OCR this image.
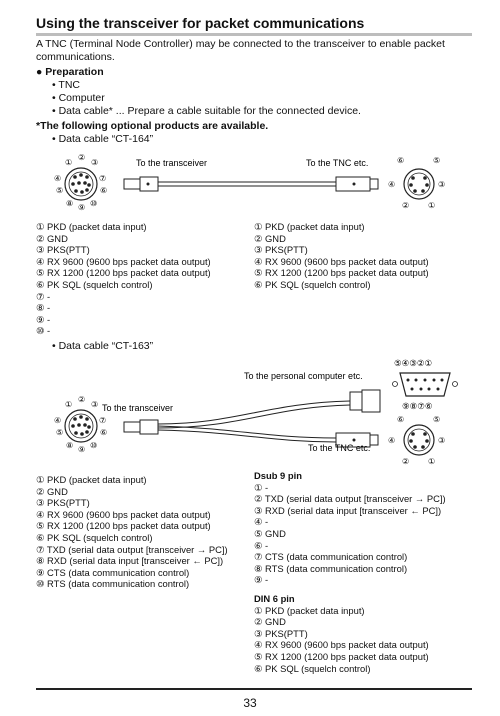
Using the transceiver for packet communications
A TNC (Terminal Node Controller) may be connected to the transceiver to enable packet communications.
● Preparation
• TNC
• Computer
• Data cable* ... Prepare a cable suitable for the connected device.
*The following optional products are available.
• Data cable “CT-164”
①
②
③
④
⑤	⑥
⑦
⑧ ⑨ ⑩
To the transceiver	To the TNC etc.	⑥	⑤
④	③
② ①
① PKD (packet data input)
② GND
③ PKS(PTT)
④ RX 9600 (9600 bps packet data output)
⑤ RX 1200 (1200 bps packet data output)
⑥ PK SQL (squelch control)
⑦ -
⑧ -
⑨ -
⑩ -
① PKD (packet data input)
② GND
③ PKS(PTT)
④ RX 9600 (9600 bps packet data output)
⑤ RX 1200 (1200 bps packet data output)
⑥ PK SQL (squelch control)
• Data cable “CT-163”
⑤④③②①
⑨⑧⑦⑥
To the personal computer etc.
To the transceiver
To the TNC etc.
①
②
③
④
⑤	⑥
⑦
⑧ ⑨ ⑩
⑥	⑤
④	③
② ①
① PKD (packet data input)
② GND
③ PKS(PTT)
④ RX 9600 (9600 bps packet data output)
⑤ RX 1200 (1200 bps packet data output)
⑥ PK SQL (squelch control)
⑦ TXD (serial data output [transceiver → PC])
⑧ RXD (serial data input [transceiver ← PC])
⑨ CTS (data communication control)
⑩ RTS (data communication control)
Dsub 9 pin
① -
② TXD (serial data output [transceiver → PC])
③ RXD (serial data input [transceiver ← PC])
④ -
⑤ GND
⑥ -
⑦ CTS (data communication control)
⑧ RTS (data communication control)
⑨ -
DIN 6 pin
① PKD (packet data input)
② GND
③ PKS(PTT)
④ RX 9600 (9600 bps packet data output)
⑤ RX 1200 (1200 bps packet data output)
⑥ PK SQL (squelch control)
33
